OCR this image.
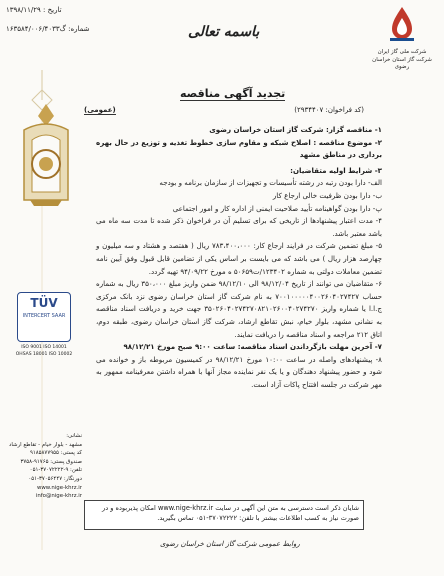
تاریخ : ۱۳۹۸/۱۱/۲۹
شماره: گ۱۶۳۵۸۴/۰۰۶/۴۰۳۳	باسمه تعالی
شرکت ملی گاز ایران
شرکت گاز استان خراسان رضوی
TÜV
INTERCERT SAAR
ISO 9001 ISO 14001 OHSAS 18001 ISO 10002
نشانی:
مشهد - بلوار خیام - تقاطع ارشاد
کد پستی: ۹۱۸۵۸۷۷۹۵۵
صندوق پستی: ۹۱۷۶۵-۳۷۵۸
تلفن: ۹-۳۷۰۷۲۲۲۲-۰۵۱
دورنگار: ۳۷۰۵۶۴۴۷-۰۵۱
www.nige-khrz.ir
info@nige-khrz.ir
تجدید آگهی مناقصه
(کد فراخوان: ۲۹۳۴۴۰۷)
(عمومی)

۱- مناقصه گزار: شرکت گاز استان خراسان رضوی

۲- موضوع مناقصه : اصلاح شبکه و مقاوم سازی خطوط تغذیه و توزیع در حال بهره برداری در مناطق مشهد

۳- شرایط اولیه متقاضیان:

الف- دارا بودن رتبه در رشته تأسیسات و تجهیزات از سازمان برنامه و بودجه

ب- دارا بودن ظرفیت خالی ارجاع کار

پ- دارا بودن گواهینامه تأیید صلاحیت ایمنی از اداره کار و امور اجتماعی

۴- مدت اعتبار پیشنهادها از تاریخی که برای تسلیم آن در فراخوان ذکر شده تا مدت سه ماه می باشد معتبر باشد.

۵- مبلغ تضمین شرکت در فرایند ارجاع کار: ۷۸۳،۴۰۰،۰۰۰ ریال ( هفتصد و هشتاد و سه میلیون و چهارصد هزار ریال ) می باشد که می بایست بر اساس یکی از تضامین قابل قبول وفق آیین نامه تضمین معاملات دولتی به شماره ۱۲۳۴۰۲/ت۵۰۶۵۹ ه مورخ ۹۴/۰۹/۲۲ تهیه گردد.

۶- متقاضیان می توانند از تاریخ ۹۸/۱۲/۰۴ الی ۹۸/۱۲/۱۰ ضمن واریز مبلغ ۳۵۰،۰۰۰ ریال به شماره حساب ۷۰۰۱۰۰۰۰۰۴۰۰۲۶۰۴۰۲۷۴۲۷ به نام شرکت گاز استان خراسان رضوی نزد بانک مرکزی ج.ا.ا یا شماره واریز ۳۵۰۲۶۰۴۰۲۷۴۲۷۰۸۲۱۰۲۶۰۰۴۰۲۷۴۲۷۰ جهت خرید و دریافت اسناد مناقصه به نشانی مشهد، بلوار خیام، نبش تقاطع ارشاد، شرکت گاز استان خراسان رضوی، طبقه دوم، اتاق ۲۱۲ مراجعه و اسناد مناقصه را دریافت نمایند.

۷- آخرین مهلت بازگرداندن اسناد مناقصه: ساعت ۹:۰۰ صبح مورخ ۹۸/۱۲/۲۱

۸- پیشنهادهای واصله در ساعت ۱۰:۰۰ مورخ ۹۸/۱۲/۲۱ در کمیسیون مربوطه باز و خوانده می شود و حضور پیشنهاد دهندگان و یا یک نفر نماینده مجاز آنها با همراه داشتن معرفینامه ممهور به مهر شرکت در جلسه افتتاح پاکات آزاد است.

شایان ذکر است دسترسی به متن این آگهی در سایت www.nige-khrz.ir امکان پذیربوده و در صورت نیاز به کسب اطلاعات بیشتر با تلفن: ۳۷۰۷۲۲۲۲-۰۵۱ تماس بگیرید.
روابط عمومی شرکت گاز استان خراسان رضوی
